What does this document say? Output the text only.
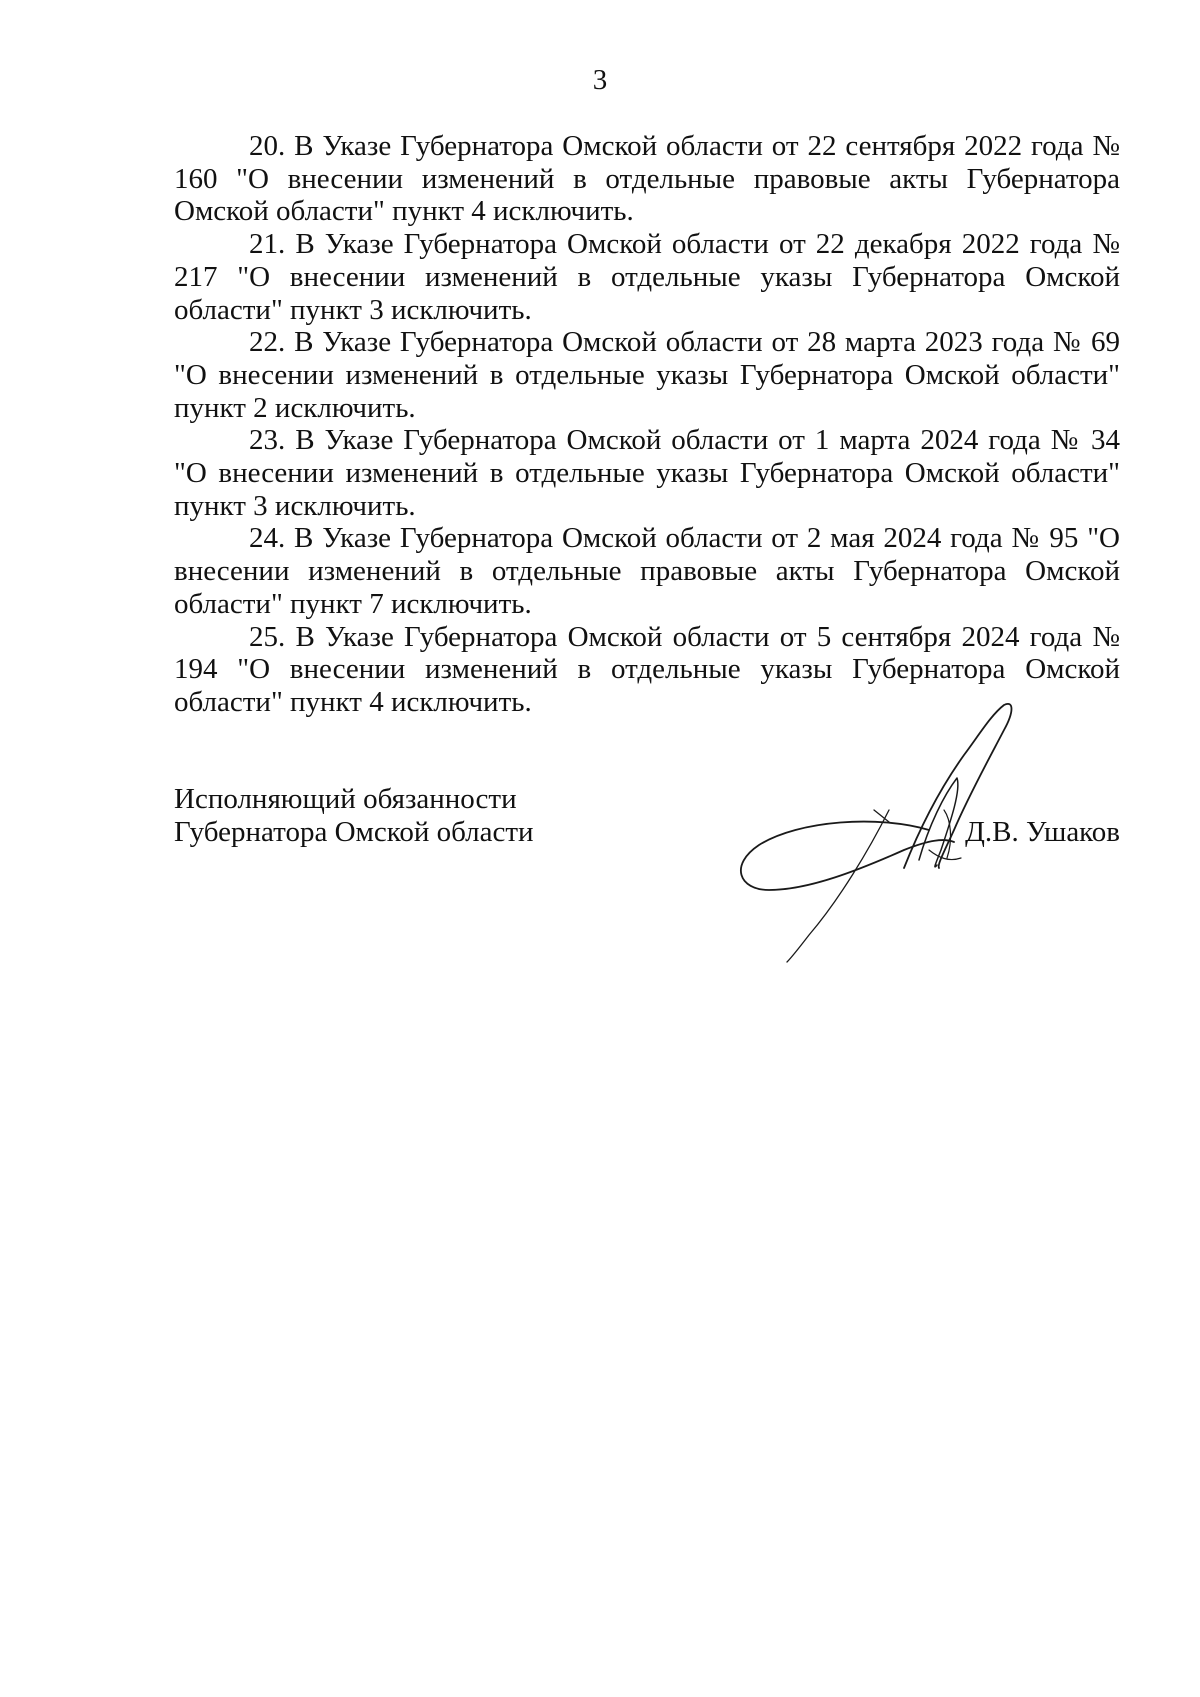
3

20. В Указе Губернатора Омской области от 22 сентября 2022 года № 160 "О внесении изменений в отдельные правовые акты Губернатора Омской области" пункт 4 исключить.

21. В Указе Губернатора Омской области от 22 декабря 2022 года № 217 "О внесении изменений в отдельные указы Губернатора Омской области" пункт 3 исключить.

22. В Указе Губернатора Омской области от 28 марта 2023 года № 69 "О внесении изменений в отдельные указы Губернатора Омской области" пункт 2 исключить.

23. В Указе Губернатора Омской области от 1 марта 2024 года № 34 "О внесении изменений в отдельные указы Губернатора Омской области" пункт 3 исключить.

24. В Указе Губернатора Омской области от 2 мая 2024 года № 95 "О внесении изменений в отдельные правовые акты Губернатора Омской области" пункт 7 исключить.

25. В Указе Губернатора Омской области от 5 сентября 2024 года № 194 "О внесении изменений в отдельные указы Губернатора Омской области" пункт 4 исключить.

Исполняющий обязанности
Губернатора Омской области	Д.В. Ушаков
